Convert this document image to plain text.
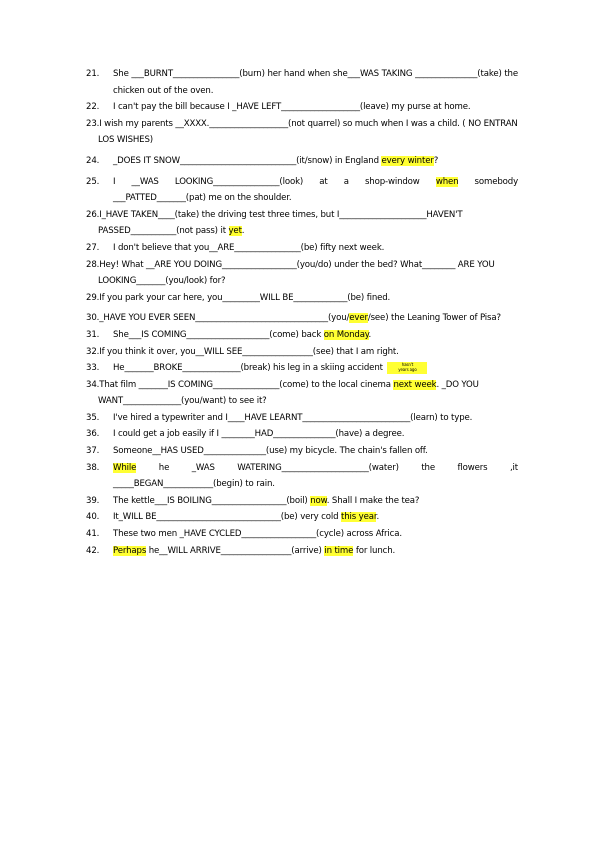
21.	She ___BURNT________________(burn) her hand when she___WAS TAKING _______________(take) the chicken out of the oven.
22.	I can't pay the bill because I _HAVE LEFT___________________(leave) my purse at home.
23.I wish my parents __XXXX.___________________(not quarrel) so much when I was a child. ( NO ENTRAN LOS WISHES)
24.	_DOES IT SNOW____________________________(it/snow) in England every winter?
25.	I __WAS LOOKING________________(look) at a shop-window when somebody ___PATTED_______(pat) me on the shoulder.
26.I_HAVE TAKEN____(take) the driving test three times, but I_____________________HAVEN'T PASSED___________(not pass) it yet.
27.	I don't believe that you__ARE________________(be) fifty next week.
28.Hey! What __ARE YOU DOING__________________(you/do) under the bed? What________ ARE YOU LOOKING_______(you/look) for?
29.If you park your car here, you_________WILL BE_____________(be) fined.
30._HAVE YOU EVER SEEN________________________________(you/ever/see) the Leaning Tower of Pisa?
31.	She___IS COMING____________________(come) back on Monday.
32.If you think it over, you__WILL SEE_________________(see) that I am right.
33.	He_______BROKE______________(break) his leg in a skiing accident	hasn't
years ago
34.That film _______IS COMING________________(come) to the local cinema next week. _DO YOU WANT______________(you/want) to see it?
35.	I've hired a typewriter and I____HAVE LEARNT__________________________(learn) to type.
36.	I could get a job easily if I ________HAD_______________(have) a degree.
37.	Someone__HAS USED_______________(use) my bicycle. The chain's fallen off.
38.	While he _WAS WATERING_____________________(water) the flowers ,it _____BEGAN____________(begin) to rain.
39.	The kettle___IS BOILING__________________(boil) now. Shall I make the tea?
40.	It_WILL BE______________________________(be) very cold this year.
41.	These two men _HAVE CYCLED__________________(cycle) across Africa.
42.	Perhaps he__WILL ARRIVE_________________(arrive) in time for lunch.
